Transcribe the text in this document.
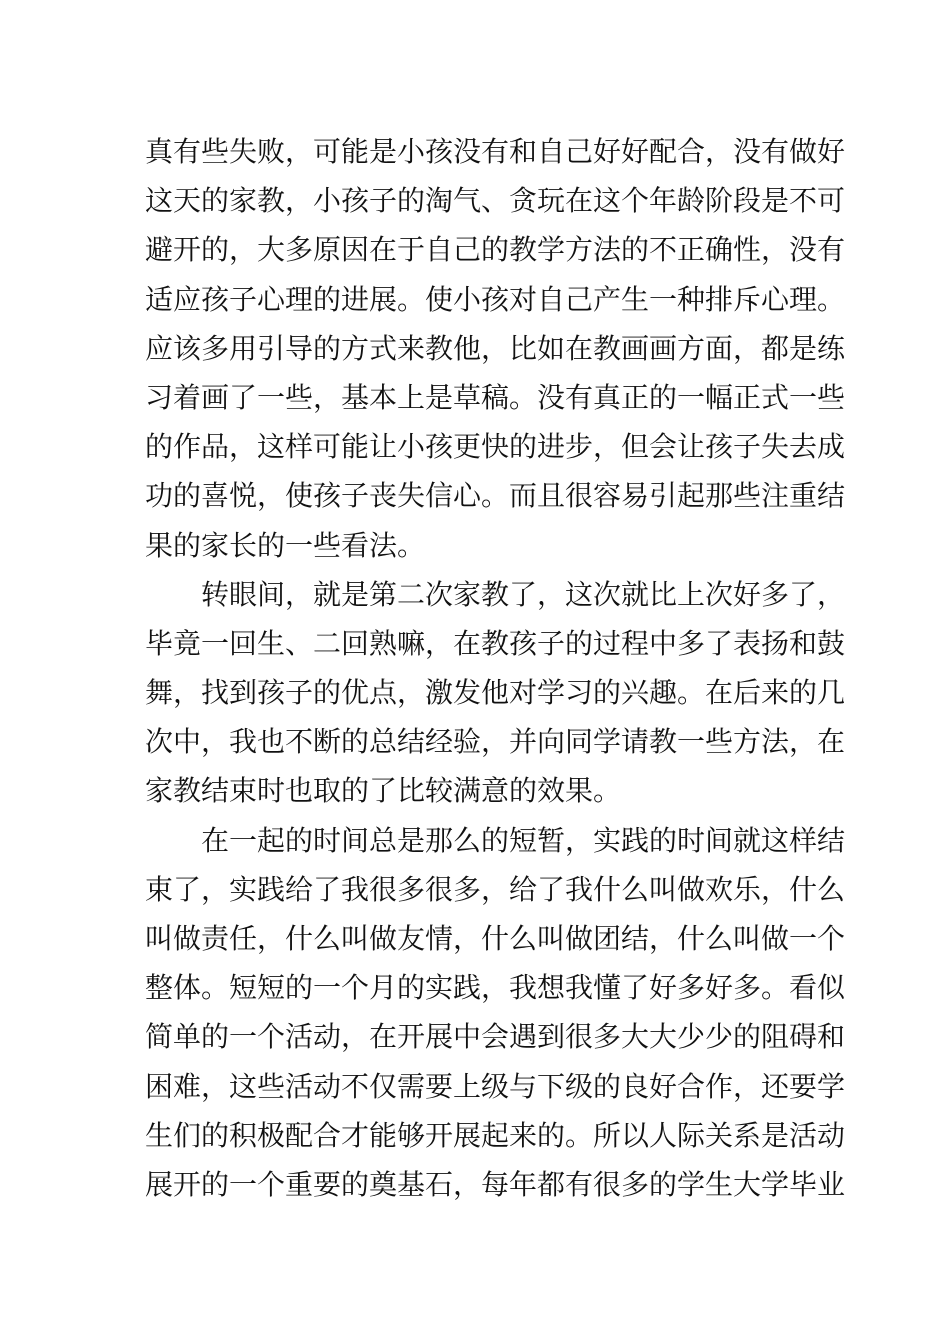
真有些失败，可能是小孩没有和自己好好配合，没有做好
这天的家教，小孩子的淘气、贪玩在这个年龄阶段是不可
避开的，大多原因在于自己的教学方法的不正确性，没有
适应孩子心理的进展。使小孩对自己产生一种排斥心理。
应该多用引导的方式来教他，比如在教画画方面，都是练
习着画了一些，基本上是草稿。没有真正的一幅正式一些
的作品，这样可能让小孩更快的进步，但会让孩子失去成
功的喜悦，使孩子丧失信心。而且很容易引起那些注重结
果的家长的一些看法。
转眼间，就是第二次家教了，这次就比上次好多了，
毕竟一回生、二回熟嘛，在教孩子的过程中多了表扬和鼓
舞，找到孩子的优点，激发他对学习的兴趣。在后来的几
次中，我也不断的总结经验，并向同学请教一些方法，在
家教结束时也取的了比较满意的效果。
在一起的时间总是那么的短暂，实践的时间就这样结
束了，实践给了我很多很多，给了我什么叫做欢乐，什么
叫做责任，什么叫做友情，什么叫做团结，什么叫做一个
整体。短短的一个月的实践，我想我懂了好多好多。看似
简单的一个活动，在开展中会遇到很多大大少少的阻碍和
困难，这些活动不仅需要上级与下级的良好合作，还要学
生们的积极配合才能够开展起来的。所以人际关系是活动
展开的一个重要的奠基石，每年都有很多的学生大学毕业
